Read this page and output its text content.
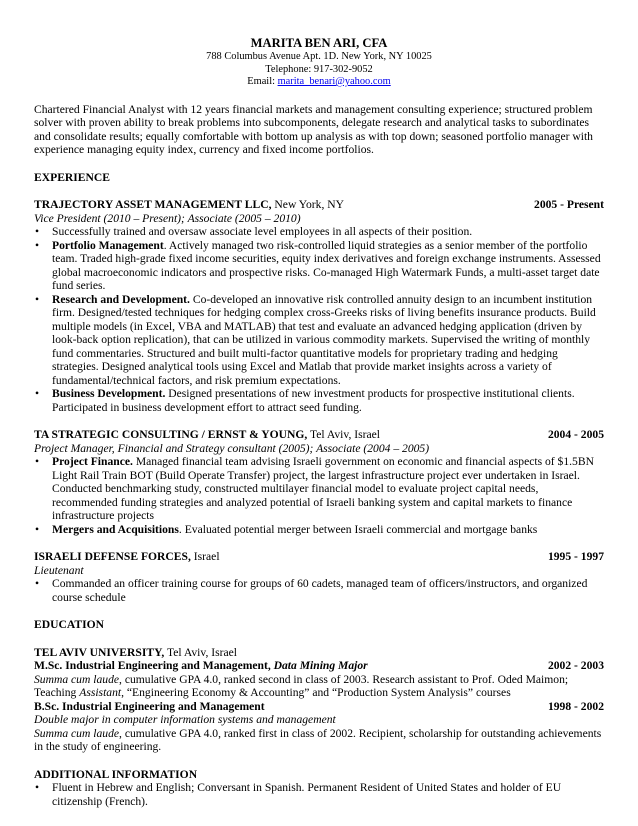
MARITA BEN ARI, CFA
788 Columbus Avenue Apt. 1D. New York, NY 10025
Telephone: 917-302-9052
Email: marita_benari@yahoo.com
Chartered Financial Analyst with 12 years financial markets and management consulting experience; structured problem solver with proven ability to break problems into subcomponents, delegate research and analytical tasks to subordinates and consolidate results; equally comfortable with bottom up analysis as with top down; seasoned portfolio manager with experience managing equity index, currency and fixed income portfolios.
EXPERIENCE
TRAJECTORY ASSET MANAGEMENT LLC, New York, NY	2005 - Present
Vice President (2010 – Present); Associate (2005 – 2010)
• Successfully trained and oversaw associate level employees in all aspects of their position.
• Portfolio Management. Actively managed two risk-controlled liquid strategies as a senior member of the portfolio team. Traded high-grade fixed income securities, equity index derivatives and foreign exchange instruments. Assessed global macroeconomic indicators and prospective risks. Co-managed High Watermark Funds, a multi-asset target date fund series.
• Research and Development. Co-developed an innovative risk controlled annuity design to an incumbent institution firm. Designed/tested techniques for hedging complex cross-Greeks risks of living benefits insurance products. Build multiple models (in Excel, VBA and MATLAB) that test and evaluate an advanced hedging application (driven by look-back option replication), that can be utilized in various commodity markets. Supervised the writing of monthly fund commentaries. Structured and built multi-factor quantitative models for proprietary trading and hedging strategies. Designed analytical tools using Excel and Matlab that provide market insights across a variety of fundamental/technical factors, and risk premium expectations.
• Business Development. Designed presentations of new investment products for prospective institutional clients. Participated in business development effort to attract seed funding.
TA STRATEGIC CONSULTING / ERNST & YOUNG, Tel Aviv, Israel	2004 - 2005
Project Manager, Financial and Strategy consultant (2005); Associate (2004 – 2005)
• Project Finance. Managed financial team advising Israeli government on economic and financial aspects of $1.5BN Light Rail Train BOT (Build Operate Transfer) project, the largest infrastructure project ever undertaken in Israel. Conducted benchmarking study, constructed multilayer financial model to evaluate project capital needs, recommended funding strategies and analyzed potential of Israeli banking system and capital markets to finance infrastructure projects
• Mergers and Acquisitions. Evaluated potential merger between Israeli commercial and mortgage banks
ISRAELI DEFENSE FORCES, Israel	1995 - 1997
Lieutenant
• Commanded an officer training course for groups of 60 cadets, managed team of officers/instructors, and organized course schedule
EDUCATION
TEL AVIV UNIVERSITY, Tel Aviv, Israel
M.Sc. Industrial Engineering and Management, Data Mining Major	2002 - 2003
Summa cum laude, cumulative GPA 4.0, ranked second in class of 2003. Research assistant to Prof. Oded Maimon;
Teaching Assistant, “Engineering Economy & Accounting” and “Production System Analysis” courses
B.Sc. Industrial Engineering and Management	1998 - 2002
Double major in computer information systems and management
Summa cum laude, cumulative GPA 4.0, ranked first in class of 2002. Recipient, scholarship for outstanding achievements in the study of engineering.
ADDITIONAL INFORMATION
• Fluent in Hebrew and English; Conversant in Spanish. Permanent Resident of United States and holder of EU citizenship (French).
